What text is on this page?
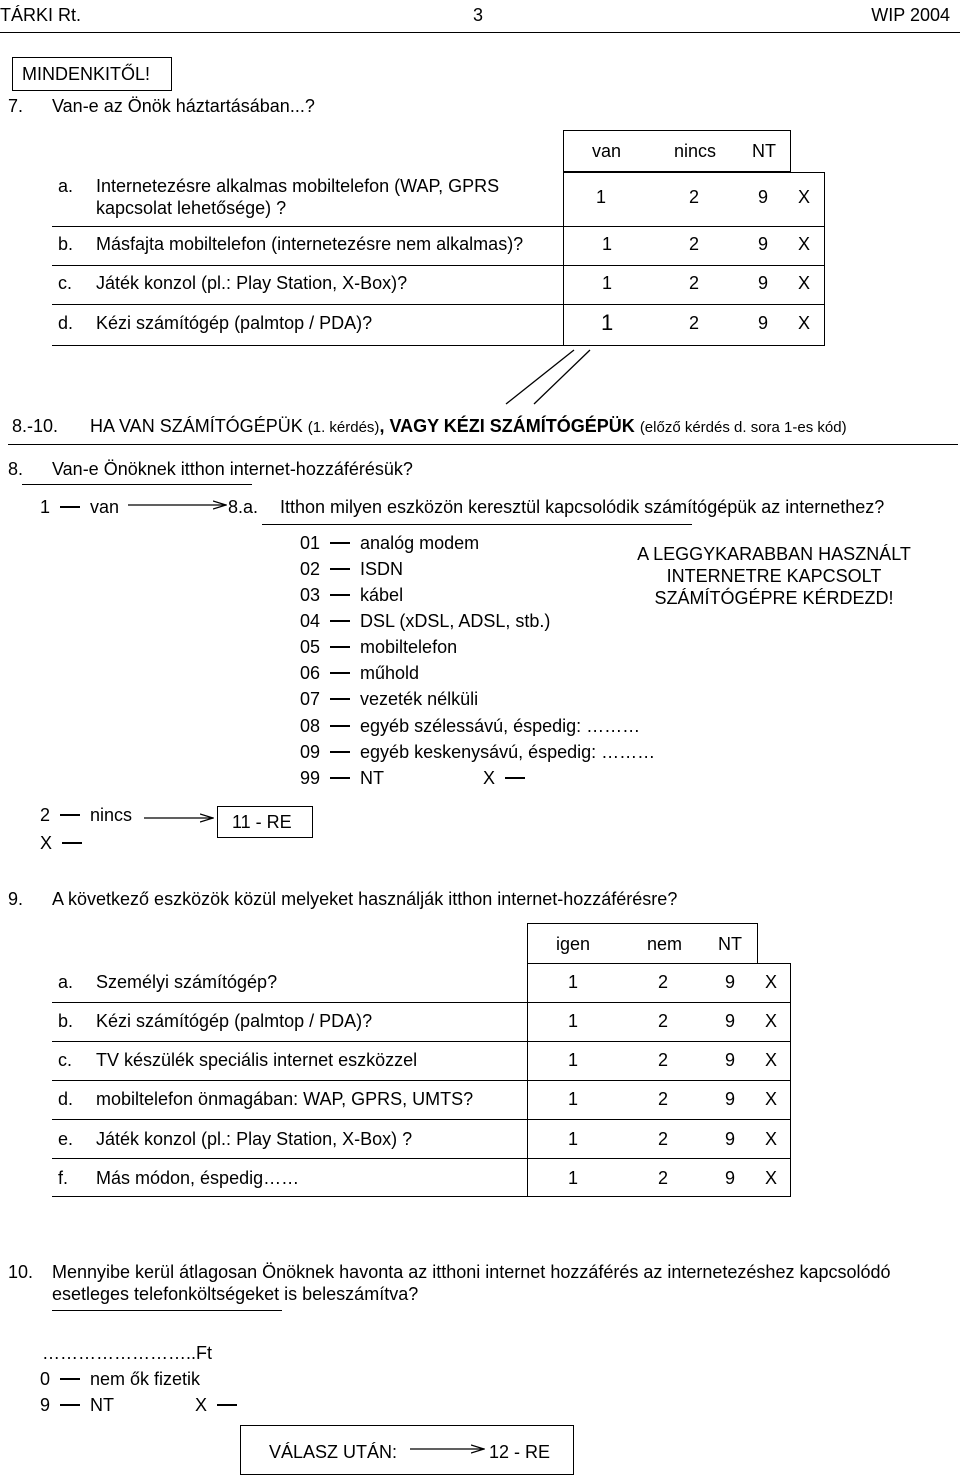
TÁRKI Rt.	3	WIP 2004
MINDENKITŐL!
7. Van-e az Önök háztartásában...?
van	nincs NT
a. Internetezésre alkalmas mobiltelefon (WAP, GPRS
kapcsolat lehetősége) ?
1	2	9 X
b. Másfajta mobiltelefon (internetezésre nem alkalmas)?	1	2	9 X
c. Játék konzol (pl.: Play Station, X-Box)?	1	2	9 X
d. Kézi számítógép (palmtop / PDA)?	1	2	9 X
8.-10. HA VAN SZÁMÍTÓGÉPÜK (1. kérdés), VAGY KÉZI SZÁMÍTÓGÉPÜK (előző kérdés d. sora 1-es kód)
8. Van-e Önöknek itthon internet-hozzáférésük?
1 van	8.a. Itthon milyen eszközön keresztül kapcsolódik számítógépük az internethez?
A LEGGYKARABBAN HASZNÁLT
INTERNETRE KAPCSOLT
SZÁMÍTÓGÉPRE KÉRDEZD!
01 analóg modem
02 ISDN
03 kábel
04 DSL (xDSL, ADSL, stb.)
05 mobiltelefon
06 műhold
07 vezeték nélküli
08 egyéb szélessávú, éspedig: ………
09 egyéb keskenysávú, éspedig: ………
99 NT	X
2 nincs
X
11 - RE
9. A következő eszközök közül melyeket használják itthon internet-hozzáférésre?
igen	nem NT
a. Személyi számítógép?	1	2	9 X
b. Kézi számítógép (palmtop / PDA)?	1	2	9 X
c. TV készülék speciális internet eszközzel	1	2	9 X
d. mobiltelefon önmagában: WAP, GPRS, UMTS?	1	2	9 X
e. Játék konzol (pl.: Play Station, X-Box) ?	1	2	9 X
f. Más módon, éspedig……	1	2	9 X
10. Mennyibe kerül átlagosan Önöknek havonta az itthoni internet hozzáférés az internetezéshez kapcsolódó
esetleges telefonköltségeket is beleszámítva?
……………………..Ft
0 nem ők fizetik
9 NT	X
VÁLASZ UTÁN:	12 - RE
